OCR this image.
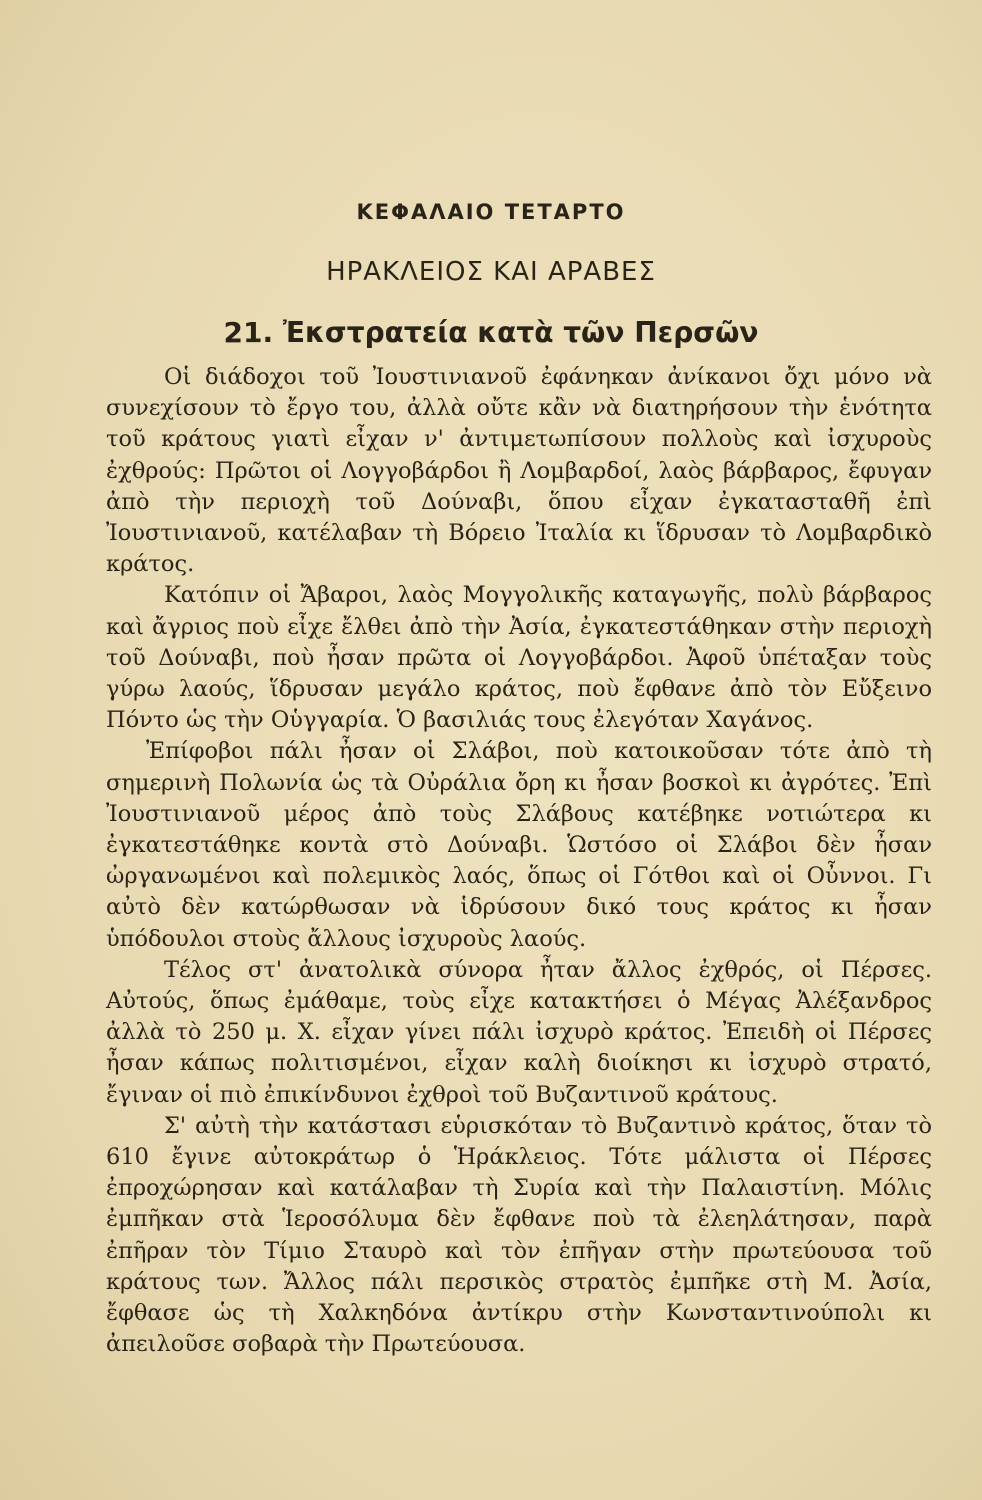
ΚΕΦΑΛΑΙΟ ΤΕΤΑΡΤΟ
ΗΡΑΚΛΕΙΟΣ ΚΑΙ ΑΡΑΒΕΣ
21. Ἐκστρατεία κατὰ τῶν Περσῶν

Οἱ διάδοχοι τοῦ Ἰουστινιανοῦ ἐφάνηκαν ἀνίκανοι ὄχι μόνο νὰ συνεχίσουν τὸ ἔργο του, ἀλλὰ οὔτε κἂν νὰ διατηρήσουν τὴν ἑνότητα τοῦ κράτους γιατὶ εἶχαν ν' ἀντιμετωπίσουν πολλοὺς καὶ ἰσχυροὺς ἐχθρούς: Πρῶτοι οἱ Λογγοβάρδοι ἢ Λομβαρδοί, λαὸς βάρβαρος, ἔφυγαν ἀπὸ τὴν περιοχὴ τοῦ Δούναβι, ὅπου εἶχαν ἐγκατασταθῆ ἐπὶ Ἰουστινιανοῦ, κατέλαβαν τὴ Βόρειο Ἰταλία κι ἵδρυσαν τὸ Λομβαρδικὸ κράτος.

Κατόπιν οἱ Ἄβαροι, λαὸς Μογγολικῆς καταγωγῆς, πολὺ βάρβαρος καὶ ἄγριος ποὺ εἶχε ἔλθει ἀπὸ τὴν Ἀσία, ἐγκατεστάθηκαν στὴν περιοχὴ τοῦ Δούναβι, ποὺ ἦσαν πρῶτα οἱ Λογγοβάρδοι. Ἀφοῦ ὑπέταξαν τοὺς γύρω λαούς, ἵδρυσαν μεγάλο κράτος, ποὺ ἔφθανε ἀπὸ τὸν Εὔξεινο Πόντο ὡς τὴν Οὑγγαρία. Ὁ βασιλιάς τους ἐλεγόταν Χαγάνος.

Ἐπίφοβοι πάλι ἦσαν οἱ Σλάβοι, ποὺ κατοικοῦσαν τότε ἀπὸ τὴ σημερινὴ Πολωνία ὡς τὰ Οὐράλια ὄρη κι ἦσαν βοσκοὶ κι ἀγρότες. Ἐπὶ Ἰουστινιανοῦ μέρος ἀπὸ τοὺς Σλάβους κατέβηκε νοτιώτερα κι ἐγκατεστάθηκε κοντὰ στὸ Δούναβι. Ὡστόσο οἱ Σλάβοι δὲν ἦσαν ὠργανωμένοι καὶ πολεμικὸς λαός, ὅπως οἱ Γότθοι καὶ οἱ Οὖννοι. Γι αὐτὸ δὲν κατώρθωσαν νὰ ἱδρύσουν δικό τους κράτος κι ἦσαν ὑπόδουλοι στοὺς ἄλλους ἰσχυροὺς λαούς.

Τέλος στ' ἀνατολικὰ σύνορα ἦταν ἄλλος ἐχθρός, οἱ Πέρσες. Αὐτούς, ὅπως ἐμάθαμε, τοὺς εἶχε κατακτήσει ὁ Μέγας Ἀλέξανδρος ἀλλὰ τὸ 250 μ. Χ. εἶχαν γίνει πάλι ἰσχυρὸ κράτος. Ἐπειδὴ οἱ Πέρσες ἦσαν κάπως πολιτισμένοι, εἶχαν καλὴ διοίκησι κι ἰσχυρὸ στρατό, ἔγιναν οἱ πιὸ ἐπικίνδυνοι ἐχθροὶ τοῦ Βυζαντινοῦ κράτους.

Σ' αὐτὴ τὴν κατάστασι εὑρισκόταν τὸ Βυζαντινὸ κράτος, ὅταν τὸ 610 ἔγινε αὐτοκράτωρ ὁ Ἡράκλειος. Τότε μάλιστα οἱ Πέρσες ἐπροχώρησαν καὶ κατάλαβαν τὴ Συρία καὶ τὴν Παλαιστίνη. Μόλις ἐμπῆκαν στὰ Ἱεροσόλυμα δὲν ἔφθανε ποὺ τὰ ἐλεηλάτησαν, παρὰ ἐπῆραν τὸν Τίμιο Σταυρὸ καὶ τὸν ἐπῆγαν στὴν πρωτεύουσα τοῦ κράτους των. Ἄλλος πάλι περσικὸς στρατὸς ἐμπῆκε στὴ Μ. Ἀσία, ἔφθασε ὡς τὴ Χαλκηδόνα ἀντίκρυ στὴν Κωνσταντινούπολι κι ἀπειλοῦσε σοβαρὰ τὴν Πρωτεύουσα.
